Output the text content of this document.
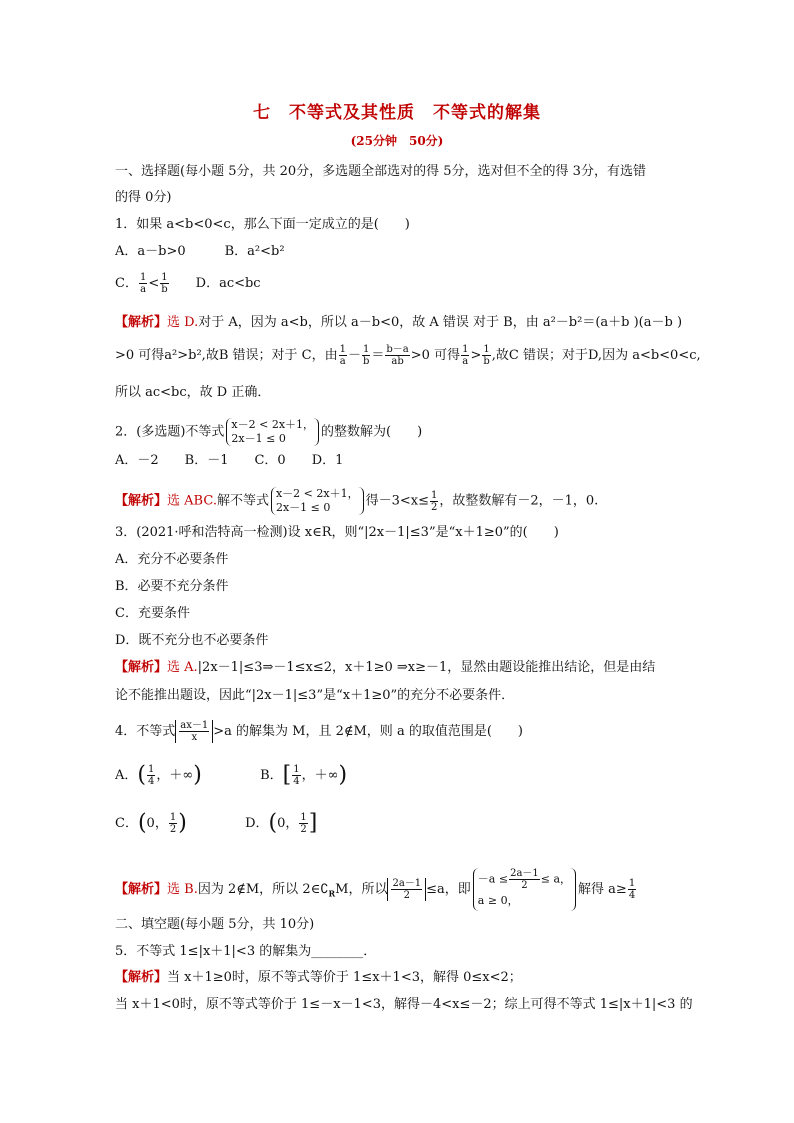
七　不等式及其性质　不等式的解集
(25分钟　50分)
一、选择题(每小题 5分，共 20分，多选题全部选对的得 5分，选对但不全的得 3分，有选错
的得 0分)
1．如果 a<b<0<c，那么下面一定成立的是(　　)
A．a－b>0　　　B．a²<b²
C． $\frac{1}{a} < \frac{1}{b}$ 　　D．ac<bc
【解析】选 D.对于 A，因为 a<b，所以 a－b<0，故 A 错误 对于 B，由 a²－b²＝(a＋b )(a－b )
>0 可得a²>b²,故B 错误；对于 C，由 $\frac{1}{a} - \frac{1}{b} = \frac{b-a}{ab} >0$ 可得 $\frac{1}{a} > \frac{1}{b}$ ,故C 错误；对于D,因为 a<b<0<c,
所以 ac<bc，故 D 正确．
2．(多选题)不等式 x－2 < 2x＋1，
2x－1 ≤ 0	的整数解为(　　)
A．－2　　B．－1　　C．0　　D．1
【解析】选 ABC.解不等式 x－2 < 2x＋1，
2x－1 ≤ 0	得$-3<x\le \frac{1}{2}$ ，故整数解有－2，－1，0.
3．(2021·呼和浩特高一检测)设 x∈R，则“|2x－1|≤3”是“x＋1≥0”的(　　)
A．充分不必要条件
B．必要不充分条件
C．充要条件
D．既不充分也不必要条件
【解析】选 A.|2x－1|≤3⇒－1≤x≤2，x＋1≥0 ⇒x≥－1，显然由题设能推出结论，但是由结
论不能推出题设，因此“|2x－1|≤3”是“x＋1≥0”的充分不必要条件．
4．不等式 $\frac{ax-1}{x} >a$ 的解集为 M，且 2∉M，则 a 的取值范围是(　　)
A．( $\frac{1}{4}$ ，＋∞)	B．[ $\frac{1}{4}$ ，＋∞)
C．(0， $\frac{1}{2}$ )	D．(0， $\frac{1}{2}$ ]
【解析】选 B.因为 2∉M，所以 $2\in∁_RM$，所以 $\frac{2a-1}{2} \le a$，即
$-a \le \frac{2a-1}{2} \le a$，
a ≥ 0，
解得 $a\ge \frac{1}{4}$
二、填空题(每小题 5分，共 10分)
5．不等式 1≤|x＋1|<3 的解集为________．
【解析】当 x＋1≥0时，原不等式等价于 1≤x＋1<3，解得 0≤x<2；
当 x＋1<0时，原不等式等价于 1≤－x－1<3，解得－4<x≤－2；综上可得不等式 1≤|x＋1|<3 的
